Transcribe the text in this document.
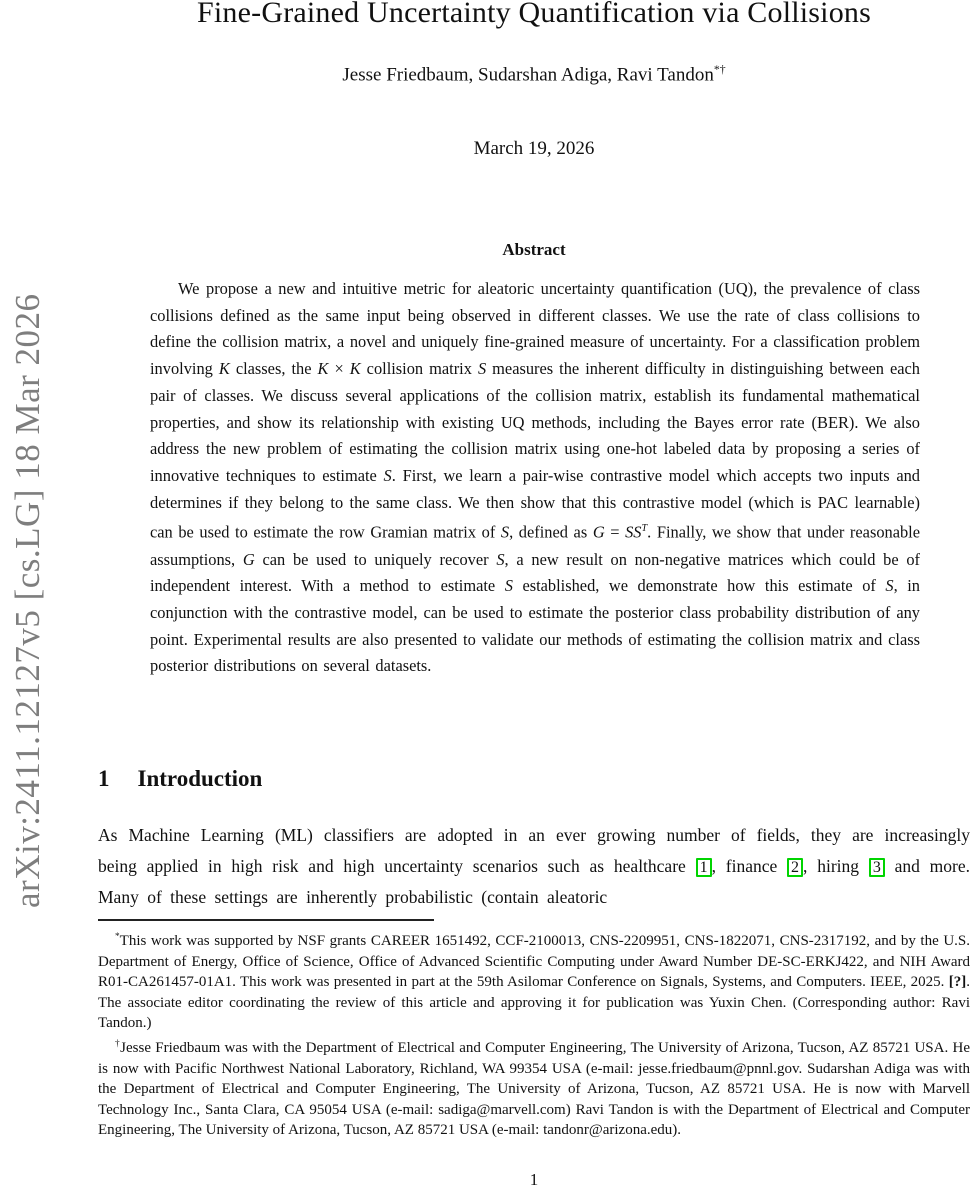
arXiv:2411.12127v5 [cs.LG] 18 Mar 2026
Fine-Grained Uncertainty Quantification via Collisions
Jesse Friedbaum, Sudarshan Adiga, Ravi Tandon*†
March 19, 2026
Abstract
We propose a new and intuitive metric for aleatoric uncertainty quantification (UQ), the prevalence of class collisions defined as the same input being observed in different classes. We use the rate of class collisions to define the collision matrix, a novel and uniquely fine-grained measure of uncertainty. For a classification problem involving K classes, the K × K collision matrix S measures the inherent difficulty in distinguishing between each pair of classes. We discuss several applications of the collision matrix, establish its fundamental mathematical properties, and show its relationship with existing UQ methods, including the Bayes error rate (BER). We also address the new problem of estimating the collision matrix using one-hot labeled data by proposing a series of innovative techniques to estimate S. First, we learn a pair-wise contrastive model which accepts two inputs and determines if they belong to the same class. We then show that this contrastive model (which is PAC learnable) can be used to estimate the row Gramian matrix of S, defined as $G = SS^T$. Finally, we show that under reasonable assumptions, G can be used to uniquely recover S, a new result on non-negative matrices which could be of independent interest. With a method to estimate S established, we demonstrate how this estimate of S, in conjunction with the contrastive model, can be used to estimate the posterior class probability distribution of any point. Experimental results are also presented to validate our methods of estimating the collision matrix and class posterior distributions on several datasets.
1 Introduction
As Machine Learning (ML) classifiers are adopted in an ever growing number of fields, they are increasingly being applied in high risk and high uncertainty scenarios such as healthcare 1 , finance 2 , hiring 3 and more. Many of these settings are inherently probabilistic (contain aleatoric

*This work was supported by NSF grants CAREER 1651492, CCF-2100013, CNS-2209951, CNS-1822071, CNS-2317192, and by the U.S. Department of Energy, Office of Science, Office of Advanced Scientific Computing under Award Number DE-SC-ERKJ422, and NIH Award R01-CA261457-01A1. This work was presented in part at the 59th Asilomar Conference on Signals, Systems, and Computers. IEEE, 2025. [?]. The associate editor coordinating the review of this article and approving it for publication was Yuxin Chen. (Corresponding author: Ravi Tandon.)

†Jesse Friedbaum was with the Department of Electrical and Computer Engineering, The University of Arizona, Tucson, AZ 85721 USA. He is now with Pacific Northwest National Laboratory, Richland, WA 99354 USA (e-mail: jesse.friedbaum@pnnl.gov. Sudarshan Adiga was with the Department of Electrical and Computer Engineering, The University of Arizona, Tucson, AZ 85721 USA. He is now with Marvell Technology Inc., Santa Clara, CA 95054 USA (e-mail: sadiga@marvell.com) Ravi Tandon is with the Department of Electrical and Computer Engineering, The University of Arizona, Tucson, AZ 85721 USA (e-mail: tandonr@arizona.edu).

1
